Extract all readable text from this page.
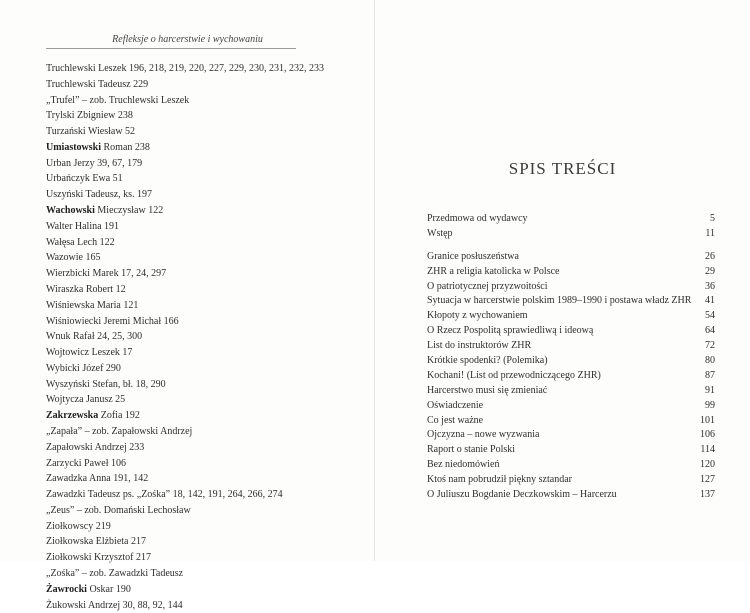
Refleksje o harcerstwie i wychowaniu
Truchlewski Leszek 196, 218, 219, 220, 227, 229, 230, 231, 232, 233
Truchlewski Tadeusz 229
„Trufel” – zob. Truchlewski Leszek
Trylski Zbigniew 238
Turzański Wiesław 52
Umiastowski Roman 238
Urban Jerzy 39, 67, 179
Urbańczyk Ewa 51
Uszyński Tadeusz, ks. 197
Wachowski Mieczysław 122
Walter Halina 191
Wałęsa Lech 122
Wazowie 165
Wierzbicki Marek 17, 24, 297
Wiraszka Robert 12
Wiśniewska Maria 121
Wiśniowiecki Jeremi Michał 166
Wnuk Rafał 24, 25, 300
Wojtowicz Leszek 17
Wybicki Józef 290
Wyszyński Stefan, bł. 18, 290
Wojtycza Janusz 25
Zakrzewska Zofia 192
„Zapała” – zob. Zapałowski Andrzej
Zapałowski Andrzej 233
Zarzycki Paweł 106
Zawadzka Anna 191, 142
Zawadzki Tadeusz ps. „Zośka” 18, 142, 191, 264, 266, 274
„Zeus” – zob. Domański Lechosław
Ziołkowscy 219
Ziołkowska Elżbieta 217
Ziołkowski Krzysztof 217
„Zośka” – zob. Zawadzki Tadeusz
Żawrocki Oskar 190
Żukowski Andrzej 30, 88, 92, 144
SPIS TREŚCI
Przedmowa od wydawcy	5
Wstęp	11
Granice posłuszeństwa	26
ZHR a religia katolicka w Polsce	29
O patriotycznej przyzwoitości	36
Sytuacja w harcerstwie polskim 1989–1990 i postawa władz ZHR	41
Kłopoty z wychowaniem	54
O Rzecz Pospolitą sprawiedliwą i ideową	64
List do instruktorów ZHR	72
Krótkie spodenki? (Polemika)	80
Kochani! (List od przewodniczącego ZHR)	87
Harcerstwo musi się zmieniać	91
Oświadczenie	99
Co jest ważne	101
Ojczyzna – nowe wyzwania	106
Raport o stanie Polski	114
Bez niedomówień	120
Ktoś nam pobrudził piękny sztandar	127
O Juliuszu Bogdanie Deczkowskim – Harcerzu	137
